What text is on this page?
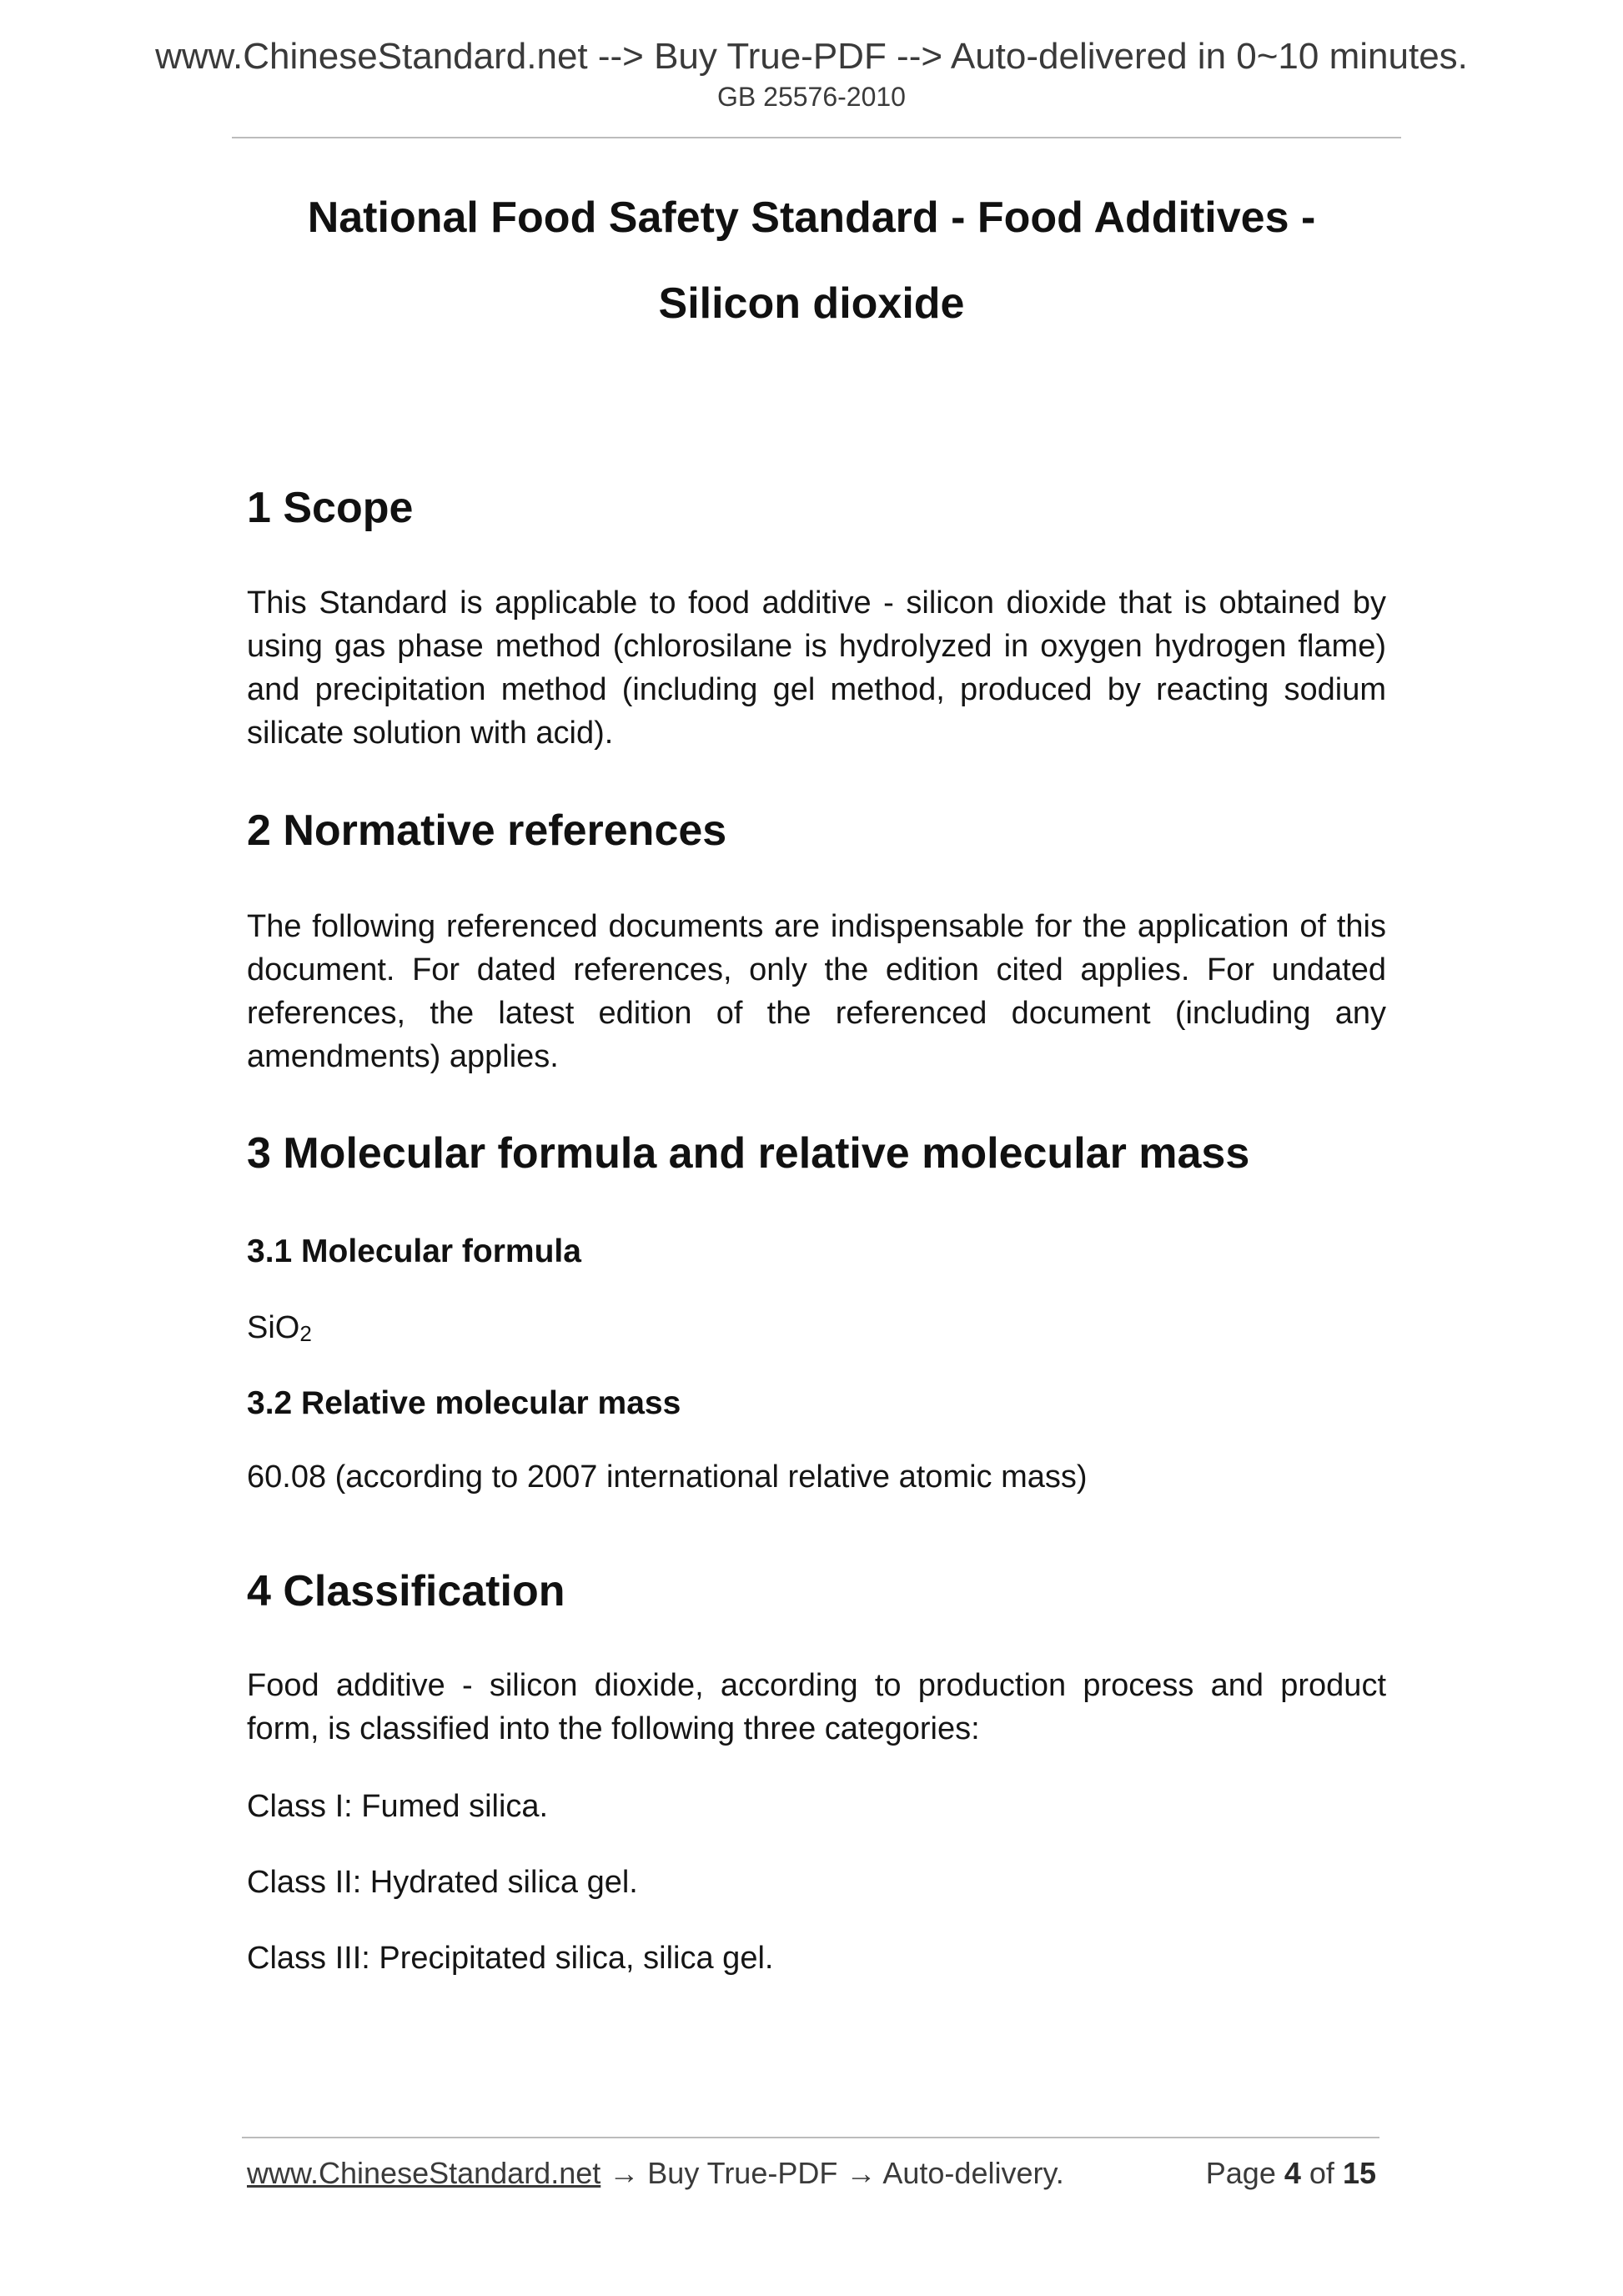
www.ChineseStandard.net --> Buy True-PDF --> Auto-delivered in 0~10 minutes.
GB 25576-2010
National Food Safety Standard - Food Additives -
Silicon dioxide
1 Scope
This Standard is applicable to food additive - silicon dioxide that is obtained by using gas phase method (chlorosilane is hydrolyzed in oxygen hydrogen flame) and precipitation method (including gel method, produced by reacting sodium silicate solution with acid).
2 Normative references
The following referenced documents are indispensable for the application of this document. For dated references, only the edition cited applies. For undated references, the latest edition of the referenced document (including any amendments) applies.
3 Molecular formula and relative molecular mass
3.1 Molecular formula
SiO$_2$
3.2 Relative molecular mass
60.08 (according to 2007 international relative atomic mass)
4 Classification
Food additive - silicon dioxide, according to production process and product form, is classified into the following three categories:
Class I: Fumed silica.
Class II: Hydrated silica gel.
Class III: Precipitated silica, silica gel.
www.ChineseStandard.net → Buy True-PDF → Auto-delivery.	Page 4 of 15
